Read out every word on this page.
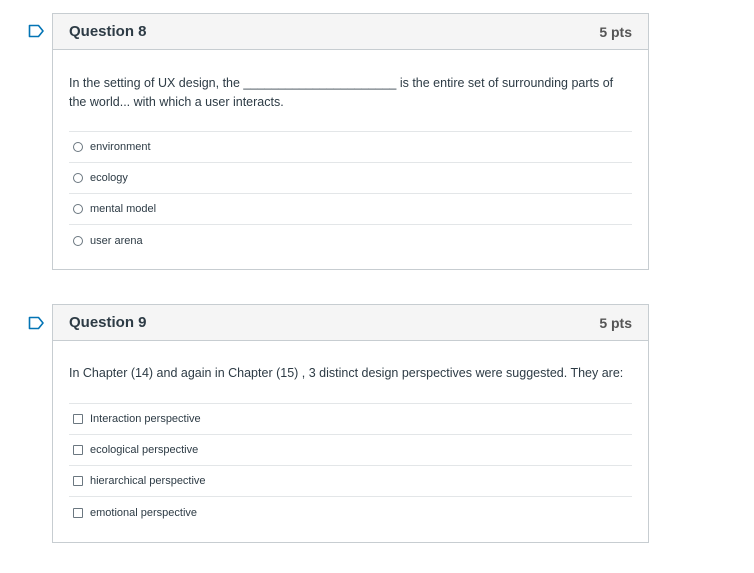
Question 8	5 pts
In the setting of UX design, the ______________________ is the entire set of surrounding parts of the world... with which a user interacts.
environment
ecology
mental model
user arena
Question 9	5 pts
In Chapter (14) and again in Chapter (15) , 3 distinct design perspectives were suggested. They are:
Interaction perspective
ecological perspective
hierarchical perspective
emotional perspective
